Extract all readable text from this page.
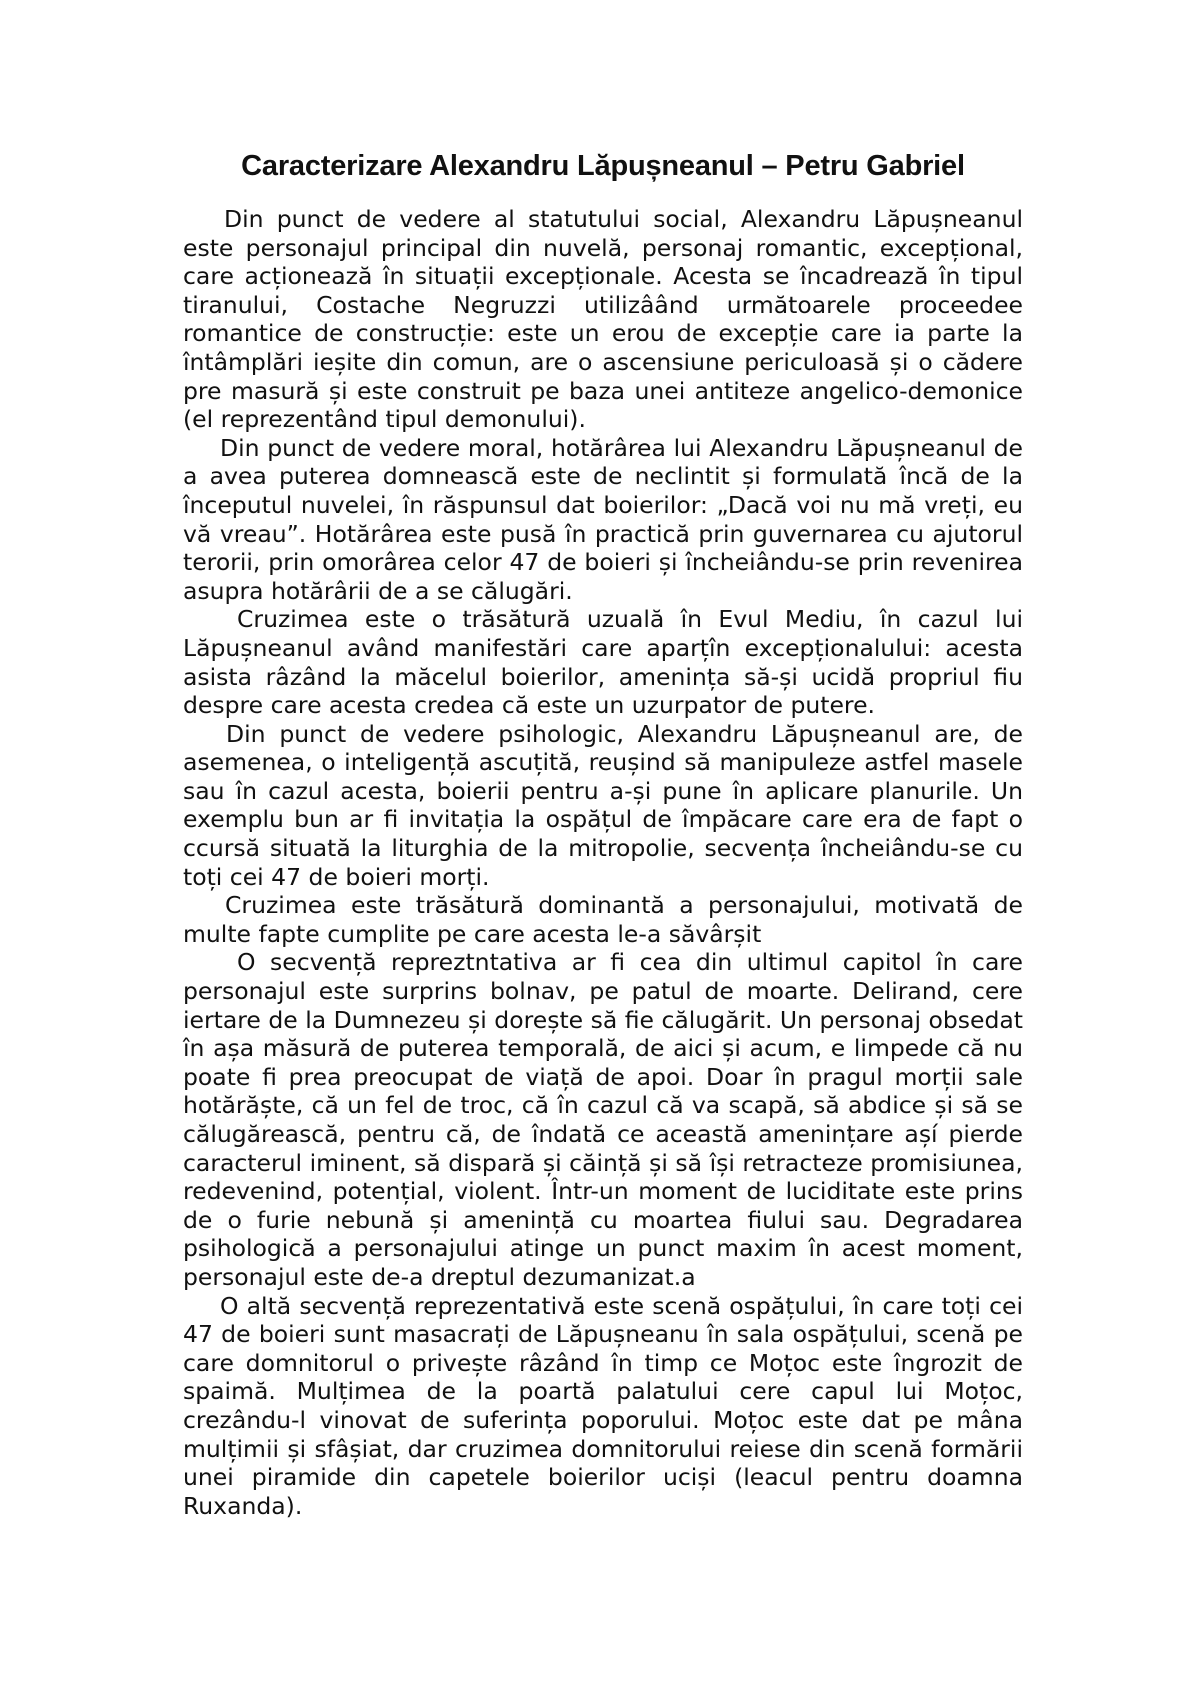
Caracterizare Alexandru Lăpușneanul – Petru Gabriel

Din punct de vedere al statutului social, Alexandru Lăpușneanul este personajul principal din nuvelă, personaj romantic, excepțional, care acționează în situații excepționale. Acesta se încadrează în tipul tiranului, Costache Negruzzi utilizâând următoarele proceedee romantice de construcție: este un erou de excepție care ia parte la întâmplări ieșite din comun, are o ascensiune periculoasă și o cădere pre masură și este construit pe baza unei antiteze angelico-demonice (el reprezentând tipul demonului).

Din punct de vedere moral, hotărârea lui Alexandru Lăpușneanul de a avea puterea domnească este de neclintit și formulată încă de la începutul nuvelei, în răspunsul dat boierilor: „Dacă voi nu mă vreți, eu vă vreau”. Hotărârea este pusă în practică prin guvernarea cu ajutorul terorii, prin omorârea celor 47 de boieri și încheiându-se prin revenirea asupra hotărârii de a se călugări.

Cruzimea este o trăsătură uzuală în Evul Mediu, în cazul lui Lăpușneanul având manifestări care aparțîn excepționalului: acesta asista râzând la măcelul boierilor, amenința să-și ucidă propriul fiu despre care acesta credea că este un uzurpator de putere.

Din punct de vedere psihologic, Alexandru Lăpușneanul are, de asemenea, o inteligență ascuțită, reușind să manipuleze astfel masele sau în cazul acesta, boierii pentru a-și pune în aplicare planurile. Un exemplu bun ar fi invitația la ospățul de împăcare care era de fapt o ccursă situată la liturghia de la mitropolie, secvența încheiându-se cu toți cei 47 de boieri morți.

Cruzimea este trăsătură dominantă a personajului, motivată de multe fapte cumplite pe care acesta le-a săvârșit

O secvență repreztntativa ar fi cea din ultimul capitol în care personajul este surprins bolnav, pe patul de moarte. Delirand, cere iertare de la Dumnezeu și dorește să fie călugărit. Un personaj obsedat în așa măsură de puterea temporală, de aici și acum, e limpede că nu poate fi prea preocupat de viață de apoi. Doar în pragul morții sale hotărăște, că un fel de troc, că în cazul că va scapă, să abdice și să se călugărească, pentru că, de îndată ce această amenințare așí pierde caracterul iminent, să dispară și căință și să își retracteze promisiunea, redevenind, potențial, violent. Într-un moment de luciditate este prins de o furie nebună și amenință cu moartea fiului sau. Degradarea psihologică a personajului atinge un punct maxim în acest moment, personajul este de-a dreptul dezumanizat.a

O altă secvență reprezentativă este scenă ospățului, în care toți cei 47 de boieri sunt masacrați de Lăpușneanu în sala ospățului, scenă pe care domnitorul o privește râzând în timp ce Moțoc este îngrozit de spaimă. Mulțimea de la poartă palatului cere capul lui Moțoc, crezându-l vinovat de suferința poporului. Moțoc este dat pe mâna mulțimii și sfâșiat, dar cruzimea domnitorului reiese din scenă formării unei piramide din capetele boierilor uciși (leacul pentru doamna Ruxanda).
